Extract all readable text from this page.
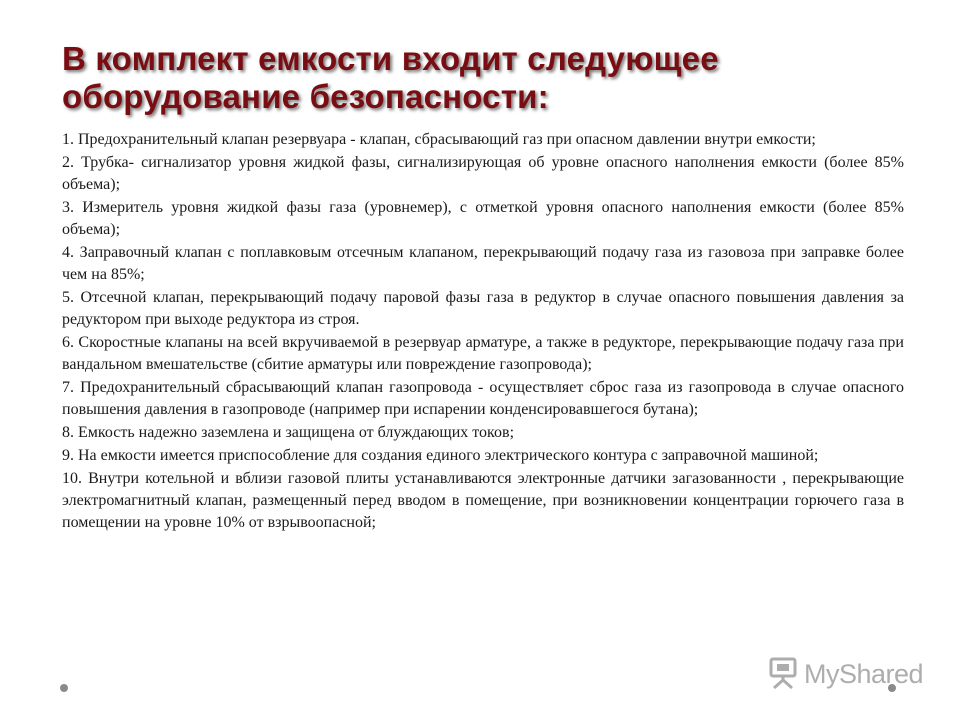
В комплект емкости входит следующее оборудование безопасности:

1. Предохранительный клапан резервуара - клапан, сбрасывающий газ при опасном давлении внутри емкости;

2. Трубка- сигнализатор уровня жидкой фазы, сигнализирующая об уровне опасного наполнения емкости (более 85% объема);

3. Измеритель уровня жидкой фазы газа (уровнемер), с отметкой уровня опасного наполнения емкости (более 85% объема);

4. Заправочный клапан с поплавковым отсечным клапаном, перекрывающий подачу газа из газовоза при заправке более чем на 85%;

5. Отсечной клапан, перекрывающий подачу паровой фазы газа в редуктор в случае опасного повышения давления за редуктором при выходе редуктора из строя.

6. Скоростные клапаны на всей вкручиваемой в резервуар арматуре, а также в редукторе, перекрывающие подачу газа при вандальном вмешательстве (сбитие арматуры или повреждение газопровода);

7. Предохранительный сбрасывающий клапан газопровода - осуществляет сброс газа из газопровода в случае опасного повышения давления в газопроводе (например при испарении конденсировавшегося бутана);

8. Емкость надежно заземлена и защищена от блуждающих токов;

9. На емкости имеется приспособление для создания единого электрического контура с заправочной машиной;

10. Внутри котельной и вблизи газовой плиты устанавливаются электронные датчики загазованности , перекрывающие электромагнитный клапан, размещенный перед вводом в помещение, при возникновении концентрации горючего газа в помещении на уровне 10% от взрывоопасной;

MyShared
